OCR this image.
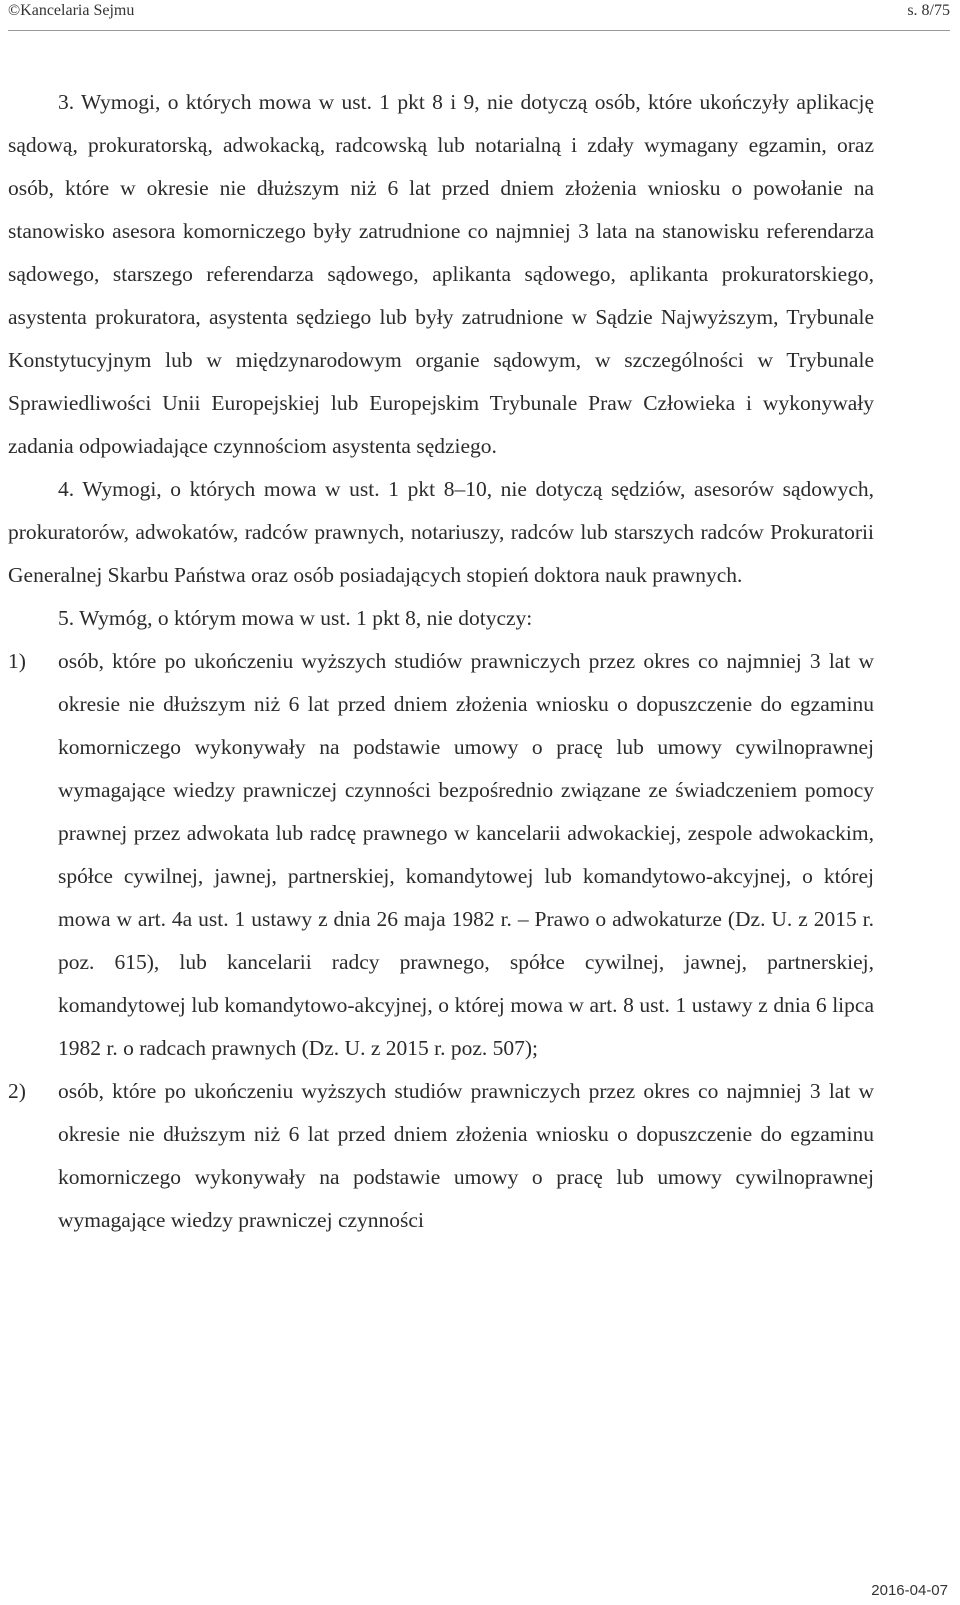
©Kancelaria Sejmu	s. 8/75

3. Wymogi, o których mowa w ust. 1 pkt 8 i 9, nie dotyczą osób, które ukończyły aplikację sądową, prokuratorską, adwokacką, radcowską lub notarialną i zdały wymagany egzamin, oraz osób, które w okresie nie dłuższym niż 6 lat przed dniem złożenia wniosku o powołanie na stanowisko asesora komorniczego były zatrudnione co najmniej 3 lata na stanowisku referendarza sądowego, starszego referendarza sądowego, aplikanta sądowego, aplikanta prokuratorskiego, asystenta prokuratora, asystenta sędziego lub były zatrudnione w Sądzie Najwyższym, Trybunale Konstytucyjnym lub w międzynarodowym organie sądowym, w szczególności w Trybunale Sprawiedliwości Unii Europejskiej lub Europejskim Trybunale Praw Człowieka i wykonywały zadania odpowiadające czynnościom asystenta sędziego.

4. Wymogi, o których mowa w ust. 1 pkt 8–10, nie dotyczą sędziów, asesorów sądowych, prokuratorów, adwokatów, radców prawnych, notariuszy, radców lub starszych radców Prokuratorii Generalnej Skarbu Państwa oraz osób posiadających stopień doktora nauk prawnych.

5. Wymóg, o którym mowa w ust. 1 pkt 8, nie dotyczy:

1) osób, które po ukończeniu wyższych studiów prawniczych przez okres co najmniej 3 lat w okresie nie dłuższym niż 6 lat przed dniem złożenia wniosku o dopuszczenie do egzaminu komorniczego wykonywały na podstawie umowy o pracę lub umowy cywilnoprawnej wymagające wiedzy prawniczej czynności bezpośrednio związane ze świadczeniem pomocy prawnej przez adwokata lub radcę prawnego w kancelarii adwokackiej, zespole adwokackim, spółce cywilnej, jawnej, partnerskiej, komandytowej lub komandytowo-akcyjnej, o której mowa w art. 4a ust. 1 ustawy z dnia 26 maja 1982 r. – Prawo o adwokaturze (Dz. U. z 2015 r. poz. 615), lub kancelarii radcy prawnego, spółce cywilnej, jawnej, partnerskiej, komandytowej lub komandytowo-akcyjnej, o której mowa w art. 8 ust. 1 ustawy z dnia 6 lipca 1982 r. o radcach prawnych (Dz. U. z 2015 r. poz. 507);
2) osób, które po ukończeniu wyższych studiów prawniczych przez okres co najmniej 3 lat w okresie nie dłuższym niż 6 lat przed dniem złożenia wniosku o dopuszczenie do egzaminu komorniczego wykonywały na podstawie umowy o pracę lub umowy cywilnoprawnej wymagające wiedzy prawniczej czynności
2016-04-07
